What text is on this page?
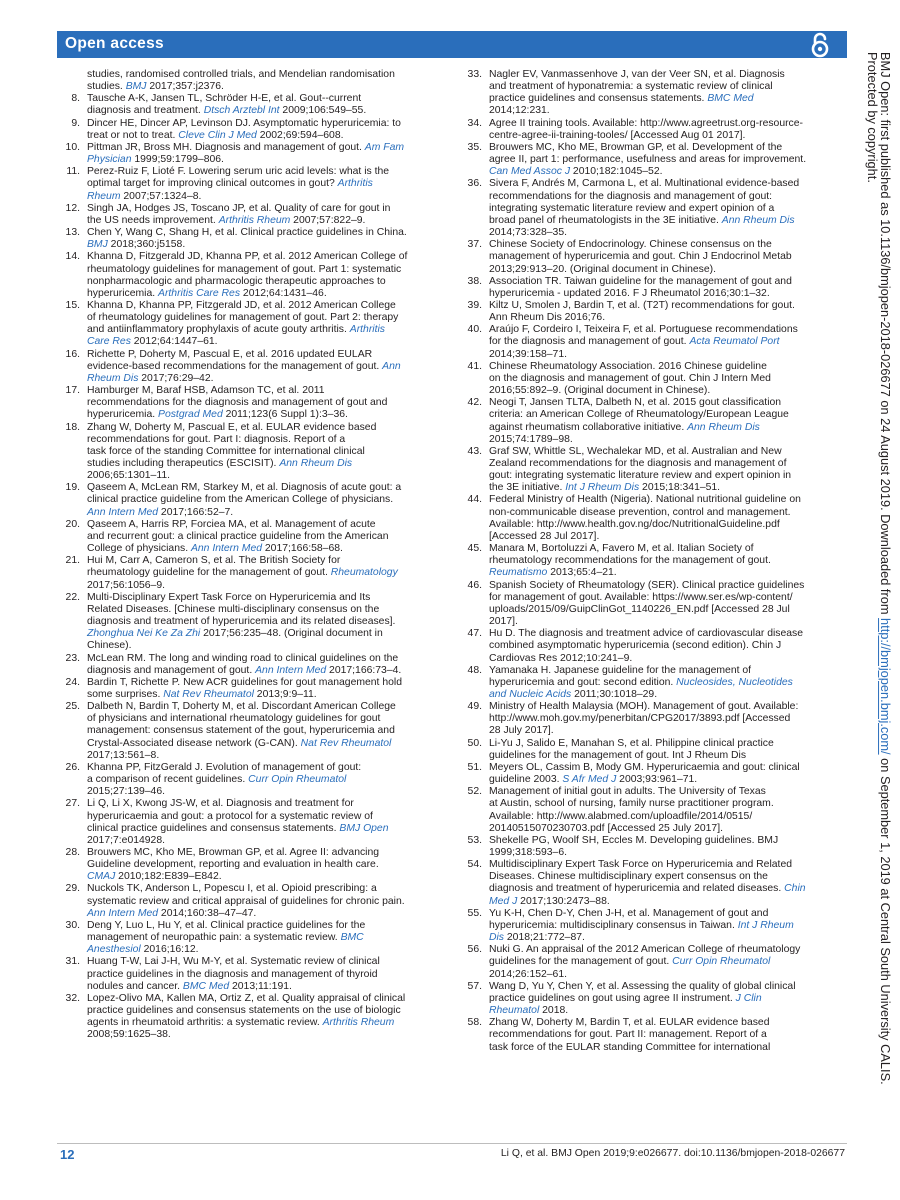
Open access
studies, randomised controlled trials, and Mendelian randomisation
studies. BMJ 2017;357:j2376.
8. Tausche A-K, Jansen TL, Schröder H-E, et al. Gout--current
diagnosis and treatment. Dtsch Arztebl Int 2009;106:549–55.
9. Dincer HE, Dincer AP, Levinson DJ. Asymptomatic hyperuricemia: to
treat or not to treat. Cleve Clin J Med 2002;69:594–608.
10. Pittman JR, Bross MH. Diagnosis and management of gout. Am Fam
Physician 1999;59:1799–806.
11. Perez-Ruiz F, Lioté F. Lowering serum uric acid levels: what is the
optimal target for improving clinical outcomes in gout? Arthritis
Rheum 2007;57:1324–8.
12. Singh JA, Hodges JS, Toscano JP, et al. Quality of care for gout in
the US needs improvement. Arthritis Rheum 2007;57:822–9.
13. Chen Y, Wang C, Shang H, et al. Clinical practice guidelines in China.
BMJ 2018;360:j5158.
14. Khanna D, Fitzgerald JD, Khanna PP, et al. 2012 American College of
rheumatology guidelines for management of gout. Part 1: systematic
nonpharmacologic and pharmacologic therapeutic approaches to
hyperuricemia. Arthritis Care Res 2012;64:1431–46.
15. Khanna D, Khanna PP, Fitzgerald JD, et al. 2012 American College
of rheumatology guidelines for management of gout. Part 2: therapy
and antiinflammatory prophylaxis of acute gouty arthritis. Arthritis
Care Res 2012;64:1447–61.
16. Richette P, Doherty M, Pascual E, et al. 2016 updated EULAR
evidence-based recommendations for the management of gout. Ann
Rheum Dis 2017;76:29–42.
17. Hamburger M, Baraf HSB, Adamson TC, et al. 2011
recommendations for the diagnosis and management of gout and
hyperuricemia. Postgrad Med 2011;123(6 Suppl 1):3–36.
18. Zhang W, Doherty M, Pascual E, et al. EULAR evidence based
recommendations for gout. Part I: diagnosis. Report of a
task force of the standing Committee for international clinical
studies including therapeutics (ESCISIT). Ann Rheum Dis
2006;65:1301–11.
19. Qaseem A, McLean RM, Starkey M, et al. Diagnosis of acute gout: a
clinical practice guideline from the American College of physicians.
Ann Intern Med 2017;166:52–7.
20. Qaseem A, Harris RP, Forciea MA, et al. Management of acute
and recurrent gout: a clinical practice guideline from the American
College of physicians. Ann Intern Med 2017;166:58–68.
21. Hui M, Carr A, Cameron S, et al. The British Society for
rheumatology guideline for the management of gout. Rheumatology
2017;56:1056–9.
22. Multi-Disciplinary Expert Task Force on Hyperuricemia and Its
Related Diseases. [Chinese multi-disciplinary consensus on the
diagnosis and treatment of hyperuricemia and its related diseases].
Zhonghua Nei Ke Za Zhi 2017;56:235–48. (Original document in
Chinese).
23. McLean RM. The long and winding road to clinical guidelines on the
diagnosis and management of gout. Ann Intern Med 2017;166:73–4.
24. Bardin T, Richette P. New ACR guidelines for gout management hold
some surprises. Nat Rev Rheumatol 2013;9:9–11.
25. Dalbeth N, Bardin T, Doherty M, et al. Discordant American College
of physicians and international rheumatology guidelines for gout
management: consensus statement of the gout, hyperuricemia and
Crystal-Associated disease network (G-CAN). Nat Rev Rheumatol
2017;13:561–8.
26. Khanna PP, FitzGerald J. Evolution of management of gout:
a comparison of recent guidelines. Curr Opin Rheumatol
2015;27:139–46.
27. Li Q, Li X, Kwong JS-W, et al. Diagnosis and treatment for
hyperuricaemia and gout: a protocol for a systematic review of
clinical practice guidelines and consensus statements. BMJ Open
2017;7:e014928.
28. Brouwers MC, Kho ME, Browman GP, et al. Agree II: advancing
Guideline development, reporting and evaluation in health care.
CMAJ 2010;182:E839–E842.
29. Nuckols TK, Anderson L, Popescu I, et al. Opioid prescribing: a
systematic review and critical appraisal of guidelines for chronic pain.
Ann Intern Med 2014;160:38–47–47.
30. Deng Y, Luo L, Hu Y, et al. Clinical practice guidelines for the
management of neuropathic pain: a systematic review. BMC
Anesthesiol 2016;16:12.
31. Huang T-W, Lai J-H, Wu M-Y, et al. Systematic review of clinical
practice guidelines in the diagnosis and management of thyroid
nodules and cancer. BMC Med 2013;11:191.
32. Lopez-Olivo MA, Kallen MA, Ortiz Z, et al. Quality appraisal of clinical
practice guidelines and consensus statements on the use of biologic
agents in rheumatoid arthritis: a systematic review. Arthritis Rheum
2008;59:1625–38.
33. Nagler EV, Vanmassenhove J, van der Veer SN, et al. Diagnosis
and treatment of hyponatremia: a systematic review of clinical
practice guidelines and consensus statements. BMC Med
2014;12:231.
34. Agree II training tools. Available: http://www.agreetrust.org-resource-
centre-agree-ii-training-tooles/ [Accessed Aug 01 2017].
35. Brouwers MC, Kho ME, Browman GP, et al. Development of the
agree II, part 1: performance, usefulness and areas for improvement.
Can Med Assoc J 2010;182:1045–52.
36. Sivera F, Andrés M, Carmona L, et al. Multinational evidence-based
recommendations for the diagnosis and management of gout:
integrating systematic literature review and expert opinion of a
broad panel of rheumatologists in the 3E initiative. Ann Rheum Dis
2014;73:328–35.
37. Chinese Society of Endocrinology. Chinese consensus on the
management of hyperuricemia and gout. Chin J Endocrinol Metab
2013;29:913–20. (Original document in Chinese).
38. Association TR. Taiwan guideline for the management of gout and
hyperuricemia - updated 2016. F J Rheumatol 2016;30:1–32.
39. Kiltz U, Smolen J, Bardin T, et al. (T2T) recommendations for gout.
Ann Rheum Dis 2016;76.
40. Araújo F, Cordeiro I, Teixeira F, et al. Portuguese recommendations
for the diagnosis and management of gout. Acta Reumatol Port
2014;39:158–71.
41. Chinese Rheumatology Association. 2016 Chinese guideline
on the diagnosis and management of gout. Chin J Intern Med
2016;55:892–9. (Original document in Chinese).
42. Neogi T, Jansen TLTA, Dalbeth N, et al. 2015 gout classification
criteria: an American College of Rheumatology/European League
against rheumatism collaborative initiative. Ann Rheum Dis
2015;74:1789–98.
43. Graf SW, Whittle SL, Wechalekar MD, et al. Australian and New
Zealand recommendations for the diagnosis and management of
gout: integrating systematic literature review and expert opinion in
the 3E initiative. Int J Rheum Dis 2015;18:341–51.
44. Federal Ministry of Health (Nigeria). National nutritional guideline on
non-communicable disease prevention, control and management.
Available: http://www.health.gov.ng/doc/NutritionalGuideline.pdf
[Accessed 28 Jul 2017].
45. Manara M, Bortoluzzi A, Favero M, et al. Italian Society of
rheumatology recommendations for the management of gout.
Reumatismo 2013;65:4–21.
46. Spanish Society of Rheumatology (SER). Clinical practice guidelines
for management of gout. Available: https://www.ser.es/wp-content/
uploads/2015/09/GuipClinGot_1140226_EN.pdf [Accessed 28 Jul
2017].
47. Hu D. The diagnosis and treatment advice of cardiovascular disease
combined asymptomatic hyperuricemia (second edition). Chin J
Cardiovas Res 2012;10:241–9.
48. Yamanaka H. Japanese guideline for the management of
hyperuricemia and gout: second edition. Nucleosides, Nucleotides
and Nucleic Acids 2011;30:1018–29.
49. Ministry of Health Malaysia (MOH). Management of gout. Available:
http://www.moh.gov.my/penerbitan/CPG2017/3893.pdf [Accessed
28 July 2017].
50. Li-Yu J, Salido E, Manahan S, et al. Philippine clinical practice
guidelines for the management of gout. Int J Rheum Dis
51. Meyers OL, Cassim B, Mody GM. Hyperuricaemia and gout: clinical
guideline 2003. S Afr Med J 2003;93:961–71.
52. Management of initial gout in adults. The University of Texas
at Austin, school of nursing, family nurse practitioner program.
Available: http://www.alabmed.com/uploadfile/2014/0515/
20140515070230703.pdf [Accessed 25 July 2017].
53. Shekelle PG, Woolf SH, Eccles M. Developing guidelines. BMJ
1999;318:593–6.
54. Multidisciplinary Expert Task Force on Hyperuricemia and Related
Diseases. Chinese multidisciplinary expert consensus on the
diagnosis and treatment of hyperuricemia and related diseases. Chin
Med J 2017;130:2473–88.
55. Yu K-H, Chen D-Y, Chen J-H, et al. Management of gout and
hyperuricemia: multidisciplinary consensus in Taiwan. Int J Rheum
Dis 2018;21:772–87.
56. Nuki G. An appraisal of the 2012 American College of rheumatology
guidelines for the management of gout. Curr Opin Rheumatol
2014;26:152–61.
57. Wang D, Yu Y, Chen Y, et al. Assessing the quality of global clinical
practice guidelines on gout using agree II instrument. J Clin
Rheumatol 2018.
58. Zhang W, Doherty M, Bardin T, et al. EULAR evidence based
recommendations for gout. Part II: management. Report of a
task force of the EULAR standing Committee for international
BMJ Open: first published as 10.1136/bmjopen-2018-026677 on 24 August 2019. Downloaded from http://bmjopen.bmj.com/ on September 1, 2019 at Central South University CALIS.
Protected by copyright.
12	Li Q, et al. BMJ Open 2019;9:e026677. doi:10.1136/bmjopen-2018-026677
